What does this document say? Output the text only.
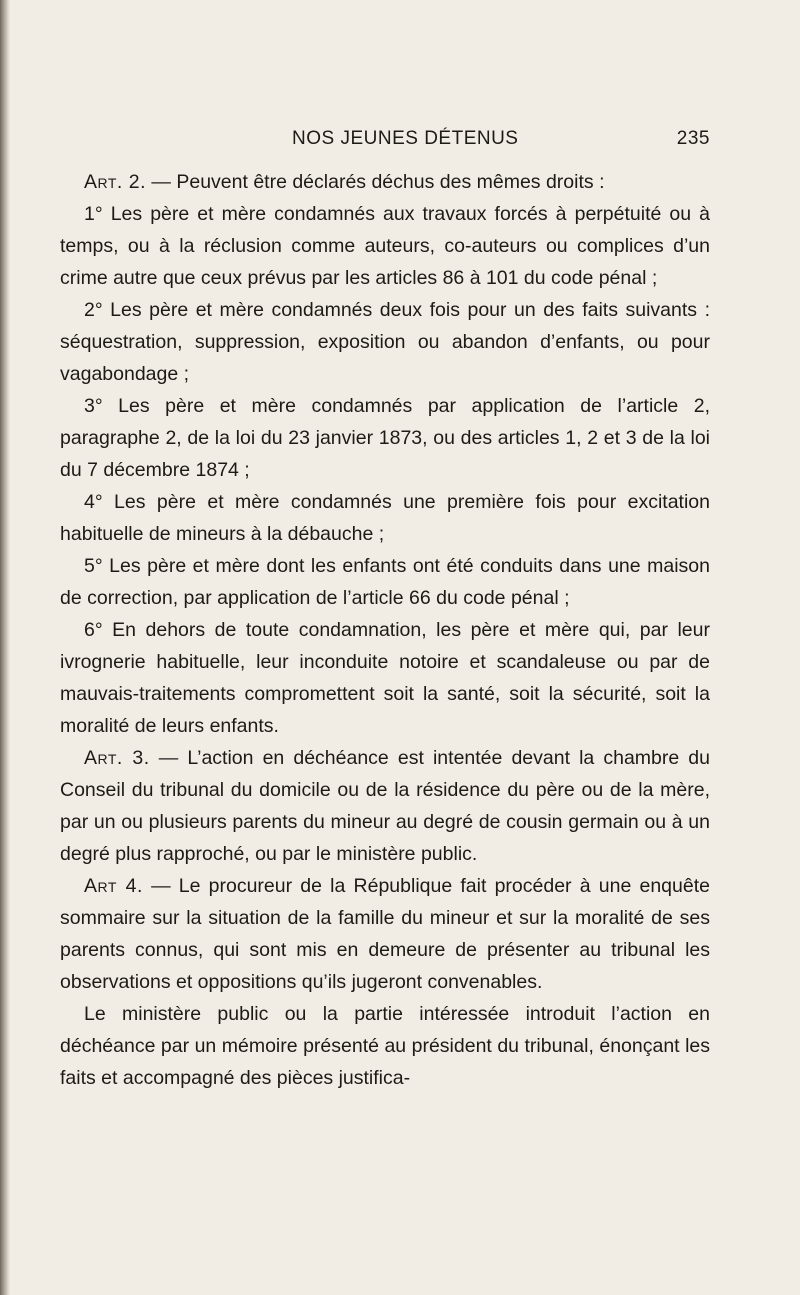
NOS JEUNES DÉTENUS	235

Art. 2. — Peuvent être déclarés déchus des mêmes droits :

1° Les père et mère condamnés aux travaux forcés à perpétuité ou à temps, ou à la réclusion comme auteurs, co-auteurs ou complices d’un crime autre que ceux prévus par les articles 86 à 101 du code pénal ;

2° Les père et mère condamnés deux fois pour un des faits suivants : séquestration, suppression, exposition ou abandon d’enfants, ou pour vagabondage ;

3° Les père et mère condamnés par application de l’article 2, paragraphe 2, de la loi du 23 janvier 1873, ou des articles 1, 2 et 3 de la loi du 7 décembre 1874 ;

4° Les père et mère condamnés une première fois pour excitation habituelle de mineurs à la débauche ;

5° Les père et mère dont les enfants ont été conduits dans une maison de correction, par application de l’article 66 du code pénal ;

6° En dehors de toute condamnation, les père et mère qui, par leur ivrognerie habituelle, leur inconduite notoire et scandaleuse ou par de mauvais-traitements compromettent soit la santé, soit la sécurité, soit la moralité de leurs enfants.

Art. 3. — L’action en déchéance est intentée devant la chambre du Conseil du tribunal du domicile ou de la résidence du père ou de la mère, par un ou plusieurs parents du mineur au degré de cousin germain ou à un degré plus rapproché, ou par le ministère public.

Art 4. — Le procureur de la République fait procéder à une enquête sommaire sur la situation de la famille du mineur et sur la moralité de ses parents connus, qui sont mis en demeure de présenter au tribunal les observations et oppositions qu’ils jugeront convenables.

Le ministère public ou la partie intéressée introduit l’action en déchéance par un mémoire présenté au président du tribunal, énonçant les faits et accompagné des pièces justifica-
